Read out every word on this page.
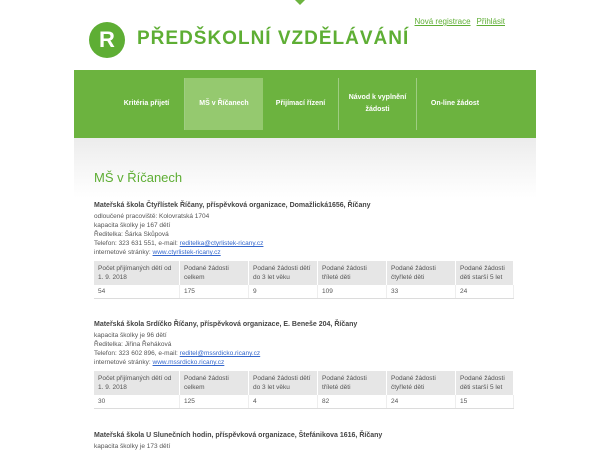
R	PŘEDŠKOLNÍ VZDĚLÁVÁNÍ
Nová registrace Přihlásit
Kritéria přijetí	MŠ v Říčanech	Přijímací řízení
Návod k vyplnění žádosti
On-line žádost
MŠ v Říčanech
Mateřská škola Čtyřlístek Říčany, příspěvková organizace, Domažlická1656, Říčany
odloučené pracoviště: Kolovratská 1704
kapacita školky je 167 dětí
Ředitelka: Šárka Skůpová
Telefon: 323 631 551, e-mail: reditelka@ctyrlistek-ricany.cz
internetové stránky: www.ctyrlistek-ricany.cz
Počet přijímaných dětí od 1. 9. 2018	Podané žádosti celkem	Podané žádosti dětí do 3 let věku	Podané žádosti tříleté děti	Podané žádosti čtyřleté děti	Podané žádosti děti starší 5 let
54	175	9	109	33	24
Mateřská škola Srdíčko Říčany, příspěvková organizace, E. Beneše 204, Říčany
kapacita školky je 96 dětí
Ředitelka: Jiřina Řeháková
Telefon: 323 602 896, e-mail: reditel@mssrdicko.ricany.cz
internetové stránky: www.mssrdicko.ricany.cz
Počet přijímaných dětí od 1. 9. 2018	Podané žádosti celkem	Podané žádosti dětí do 3 let věku	Podané žádosti tříleté děti	Podané žádosti čtyřleté děti	Podané žádosti děti starší 5 let
30	125	4	82	24	15
Mateřská škola U Slunečních hodin, příspěvková organizace, Štefánikova 1616, Říčany
kapacita školky je 173 dětí
